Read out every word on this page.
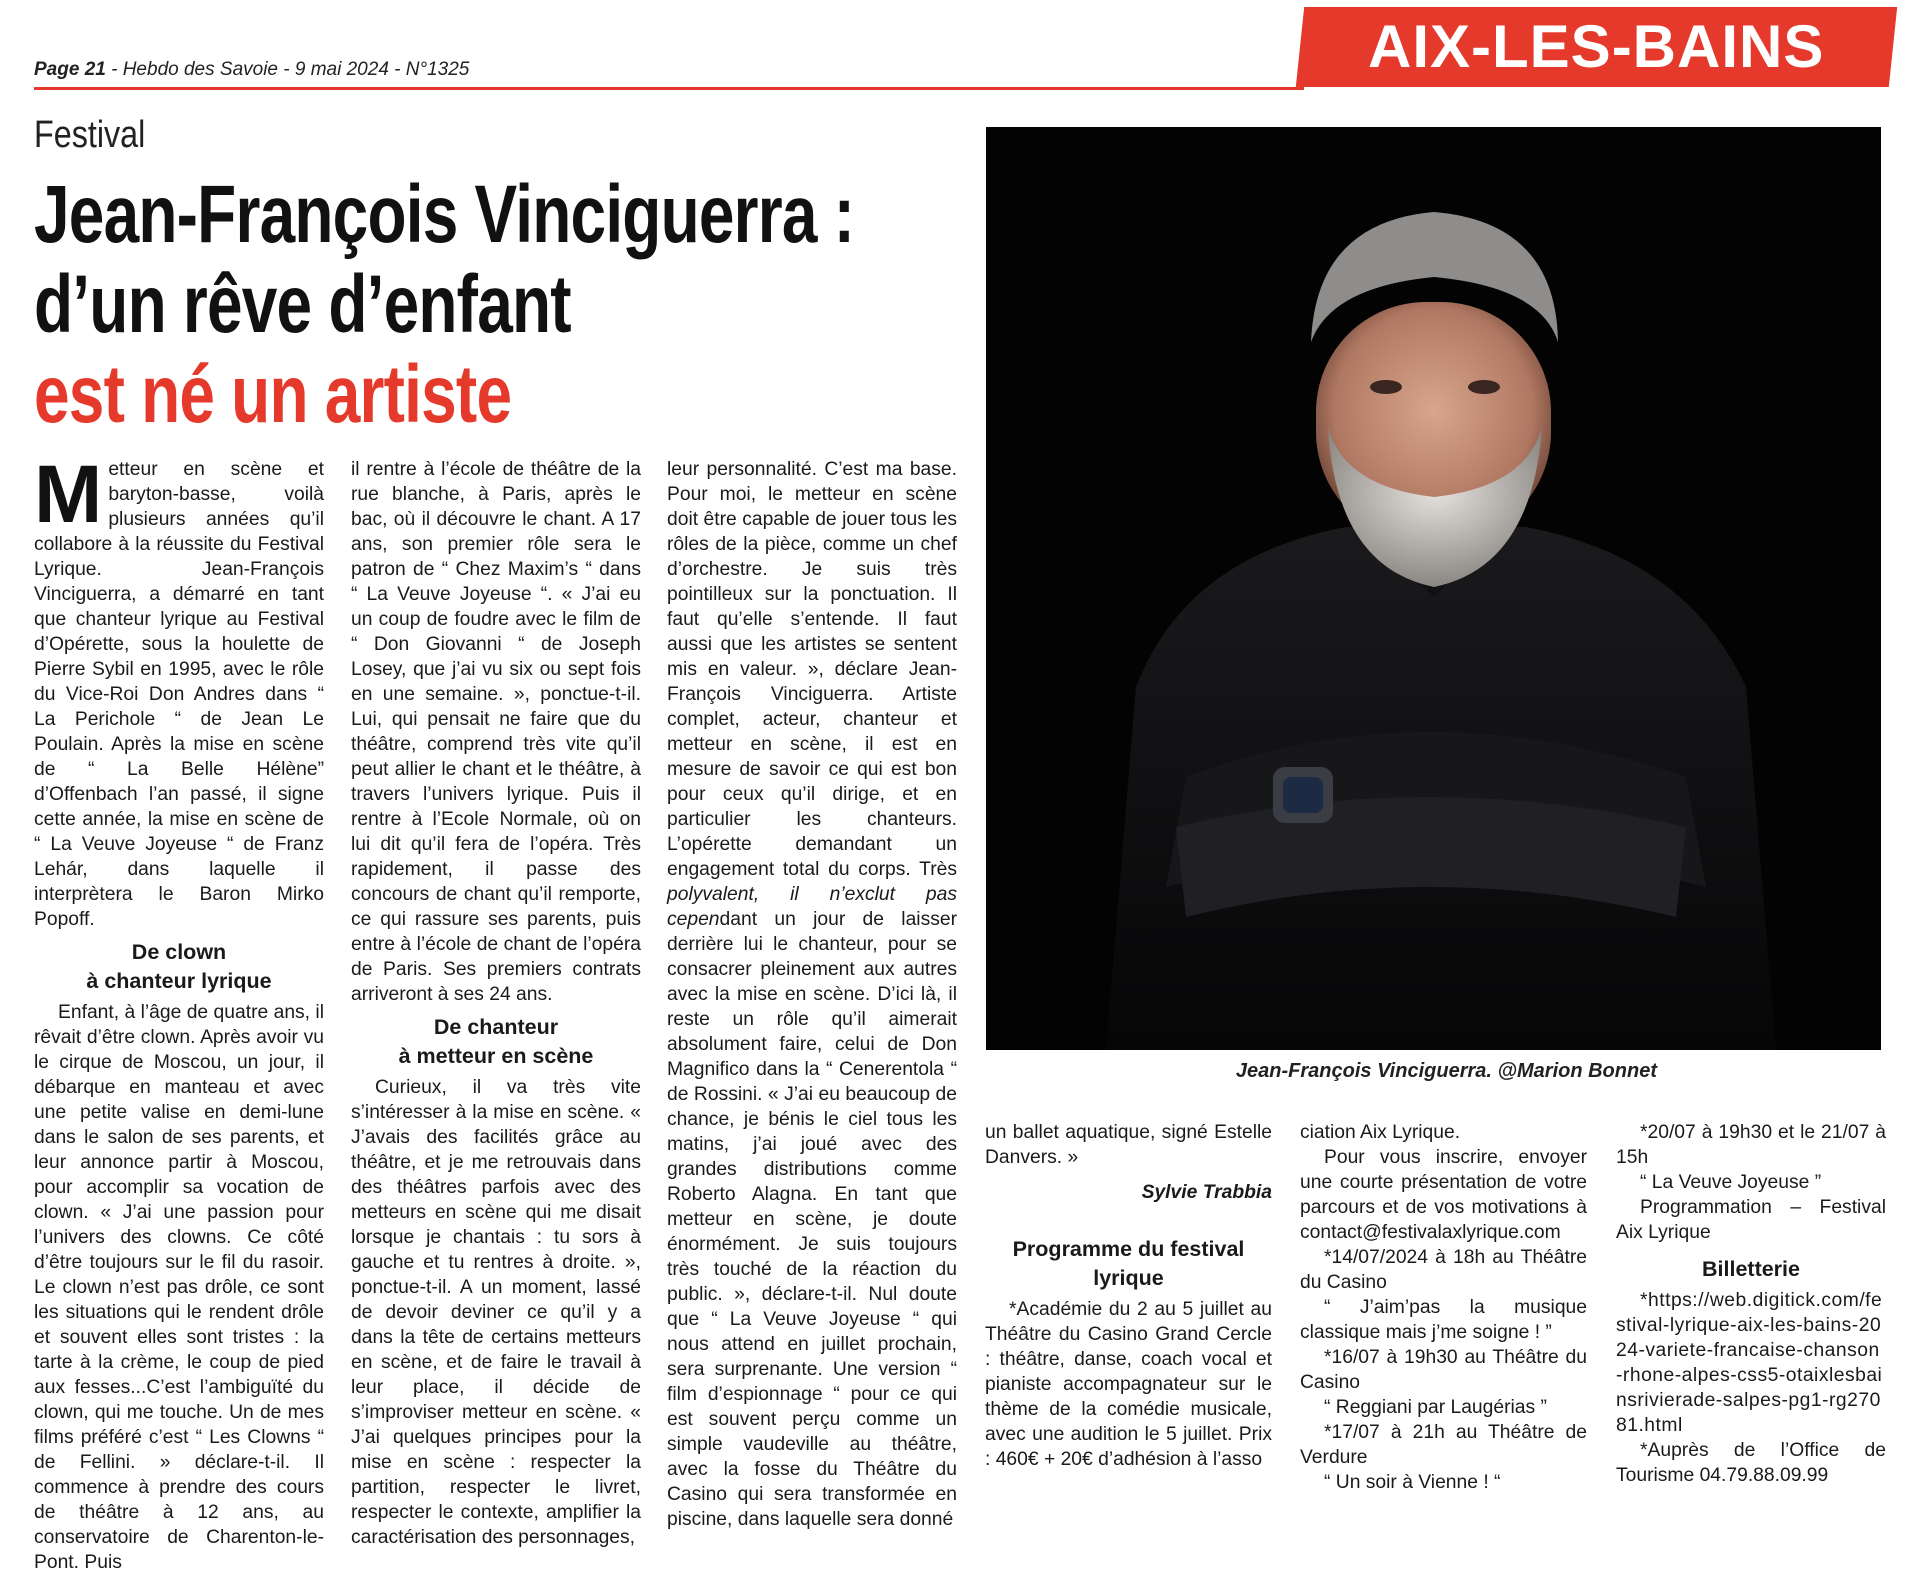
Page 21 - Hebdo des Savoie - 9 mai 2024 - N°1325	AIX-LES-BAINS
Festival
Jean-François Vinciguerra :
d’un rêve d’enfant
est né un artiste
Jean-François Vinciguerra. @Marion Bonnet

Metteur en scène et baryton-basse, voilà plusieurs années qu’il collabore à la réussite du Festival Lyrique. Jean-François Vinciguerra, a démarré en tant que chanteur lyrique au Festival d’Opérette, sous la houlette de Pierre Sybil en 1995, avec le rôle du Vice-Roi Don Andres dans “ La Perichole “ de Jean Le Poulain. Après la mise en scène de “ La Belle Hélène” d’Offenbach l’an passé, il signe cette année, la mise en scène de “ La Veuve Joyeuse “ de Franz Lehár, dans laquelle il interprètera le Baron Mirko Popoff.

De clown
à chanteur lyrique

Enfant, à l’âge de quatre ans, il rêvait d’être clown. Après avoir vu le cirque de Moscou, un jour, il débarque en manteau et avec une petite valise en demi-lune dans le salon de ses parents, et leur annonce partir à Moscou, pour accomplir sa vocation de clown. « J’ai une passion pour l’univers des clowns. Ce côté d’être toujours sur le fil du rasoir. Le clown n’est pas drôle, ce sont les situations qui le rendent drôle et souvent elles sont tristes : la tarte à la crème, le coup de pied aux fesses...C’est l’ambiguïté du clown, qui me touche. Un de mes films préféré c’est “ Les Clowns “ de Fellini. » déclare-t-il. Il commence à prendre des cours de théâtre à 12 ans, au conservatoire de Charenton-le-Pont. Puis

il rentre à l’école de théâtre de la rue blanche, à Paris, après le bac, où il découvre le chant. A 17 ans, son premier rôle sera le patron de “ Chez Maxim’s “ dans “ La Veuve Joyeuse “. « J’ai eu un coup de foudre avec le film de “ Don Giovanni “ de Joseph Losey, que j’ai vu six ou sept fois en une semaine. », ponctue-t-il. Lui, qui pensait ne faire que du théâtre, comprend très vite qu’il peut allier le chant et le théâtre, à travers l’univers lyrique. Puis il rentre à l’Ecole Normale, où on lui dit qu’il fera de l’opéra. Très rapidement, il passe des concours de chant qu’il remporte, ce qui rassure ses parents, puis entre à l’école de chant de l’opéra de Paris. Ses premiers contrats arriveront à ses 24 ans.

De chanteur
à metteur en scène

Curieux, il va très vite s’intéresser à la mise en scène. « J’avais des facilités grâce au théâtre, et je me retrouvais dans des théâtres parfois avec des metteurs en scène qui me disait lorsque je chantais : tu sors à gauche et tu rentres à droite. », ponctue-t-il. A un moment, lassé de devoir deviner ce qu’il y a dans la tête de certains metteurs en scène, et de faire le travail à leur place, il décide de s’improviser metteur en scène. « J’ai quelques principes pour la mise en scène : respecter la partition, respecter le livret, respecter le contexte, amplifier la caractérisation des personnages,

leur personnalité. C’est ma base. Pour moi, le metteur en scène doit être capable de jouer tous les rôles de la pièce, comme un chef d’orchestre. Je suis très pointilleux sur la ponctuation. Il faut qu’elle s’entende. Il faut aussi que les artistes se sentent mis en valeur. », déclare Jean-François Vinciguerra. Artiste complet, acteur, chanteur et metteur en scène, il est en mesure de savoir ce qui est bon pour ceux qu’il dirige, et en particulier les chanteurs. L’opérette demandant un engagement total du corps. Très polyvalent, il n’exclut pas cependant un jour de laisser derrière lui le chanteur, pour se consacrer pleinement aux autres avec la mise en scène. D’ici là, il reste un rôle qu’il aimerait absolument faire, celui de Don Magnifico dans la “ Cenerentola “ de Rossini. « J’ai eu beaucoup de chance, je bénis le ciel tous les matins, j’ai joué avec des grandes distributions comme Roberto Alagna. En tant que metteur en scène, je doute énormément. Je suis toujours très touché de la réaction du public. », déclare-t-il. Nul doute que “ La Veuve Joyeuse “ qui nous attend en juillet prochain, sera surprenante. Une version “ film d’espionnage “ pour ce qui est souvent perçu comme un simple vaudeville au théâtre, avec la fosse du Théâtre du Casino qui sera transformée en piscine, dans laquelle sera donné

un ballet aquatique, signé Estelle Danvers. »

Sylvie Trabbia
Programme du festival
lyrique

*Académie du 2 au 5 juillet au Théâtre du Casino Grand Cercle : théâtre, danse, coach vocal et pianiste accompagnateur sur le thème de la comédie musicale, avec une audition le 5 juillet. Prix : 460€ + 20€ d’adhésion à l’asso

ciation Aix Lyrique.

Pour vous inscrire, envoyer une courte présentation de votre parcours et de vos motivations à contact@festivalaxlyrique.com

*14/07/2024 à 18h au Théâtre du Casino

“ J’aim’pas la musique classique mais j’me soigne ! ”

*16/07 à 19h30 au Théâtre du Casino

“ Reggiani par Laugérias ”

*17/07 à 21h au Théâtre de Verdure

“ Un soir à Vienne ! “

*20/07 à 19h30 et le 21/07 à 15h

“ La Veuve Joyeuse ”

Programmation – Festival Aix Lyrique

Billetterie

*https://web.digitick.com/festival-lyrique-aix-les-bains-2024-variete-francaise-chanson-rhone-alpes-css5-otaixlesbainsrivierade-salpes-pg1-rg27081.html

*Auprès de l’Office de Tourisme 04.79.88.09.99
